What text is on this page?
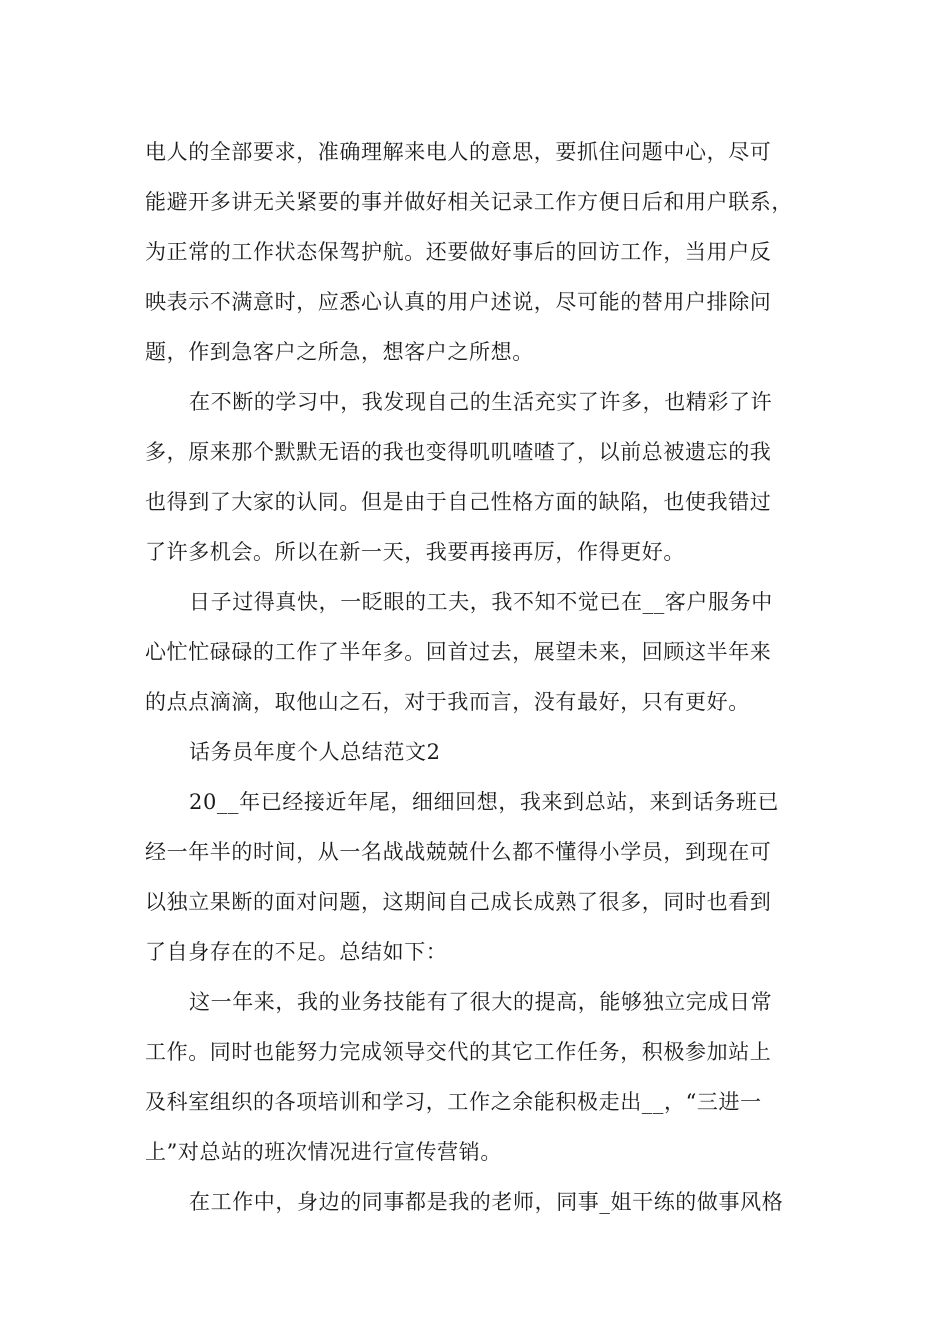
电人的全部要求，准确理解来电人的意思，要抓住问题中心，尽可
能避开多讲无关紧要的事并做好相关记录工作方便日后和用户联系，
为正常的工作状态保驾护航。还要做好事后的回访工作，当用户反
映表示不满意时，应悉心认真的用户述说，尽可能的替用户排除问
题，作到急客户之所急，想客户之所想。
在不断的学习中，我发现自己的生活充实了许多，也精彩了许
多，原来那个默默无语的我也变得叽叽喳喳了，以前总被遗忘的我
也得到了大家的认同。但是由于自己性格方面的缺陷，也使我错过
了许多机会。所以在新一天，我要再接再厉，作得更好。
日子过得真快，一眨眼的工夫，我不知不觉已在__客户服务中
心忙忙碌碌的工作了半年多。回首过去，展望未来，回顾这半年来
的点点滴滴，取他山之石，对于我而言，没有最好，只有更好。
话务员年度个人总结范文2
20__年已经接近年尾，细细回想，我来到总站，来到话务班已
经一年半的时间，从一名战战兢兢什么都不懂得小学员，到现在可
以独立果断的面对问题，这期间自己成长成熟了很多，同时也看到
了自身存在的不足。总结如下：
这一年来，我的业务技能有了很大的提高，能够独立完成日常
工作。同时也能努力完成领导交代的其它工作任务，积极参加站上
及科室组织的各项培训和学习，工作之余能积极走出__，“三进一
上”对总站的班次情况进行宣传营销。
在工作中，身边的同事都是我的老师，同事_姐干练的做事风格
